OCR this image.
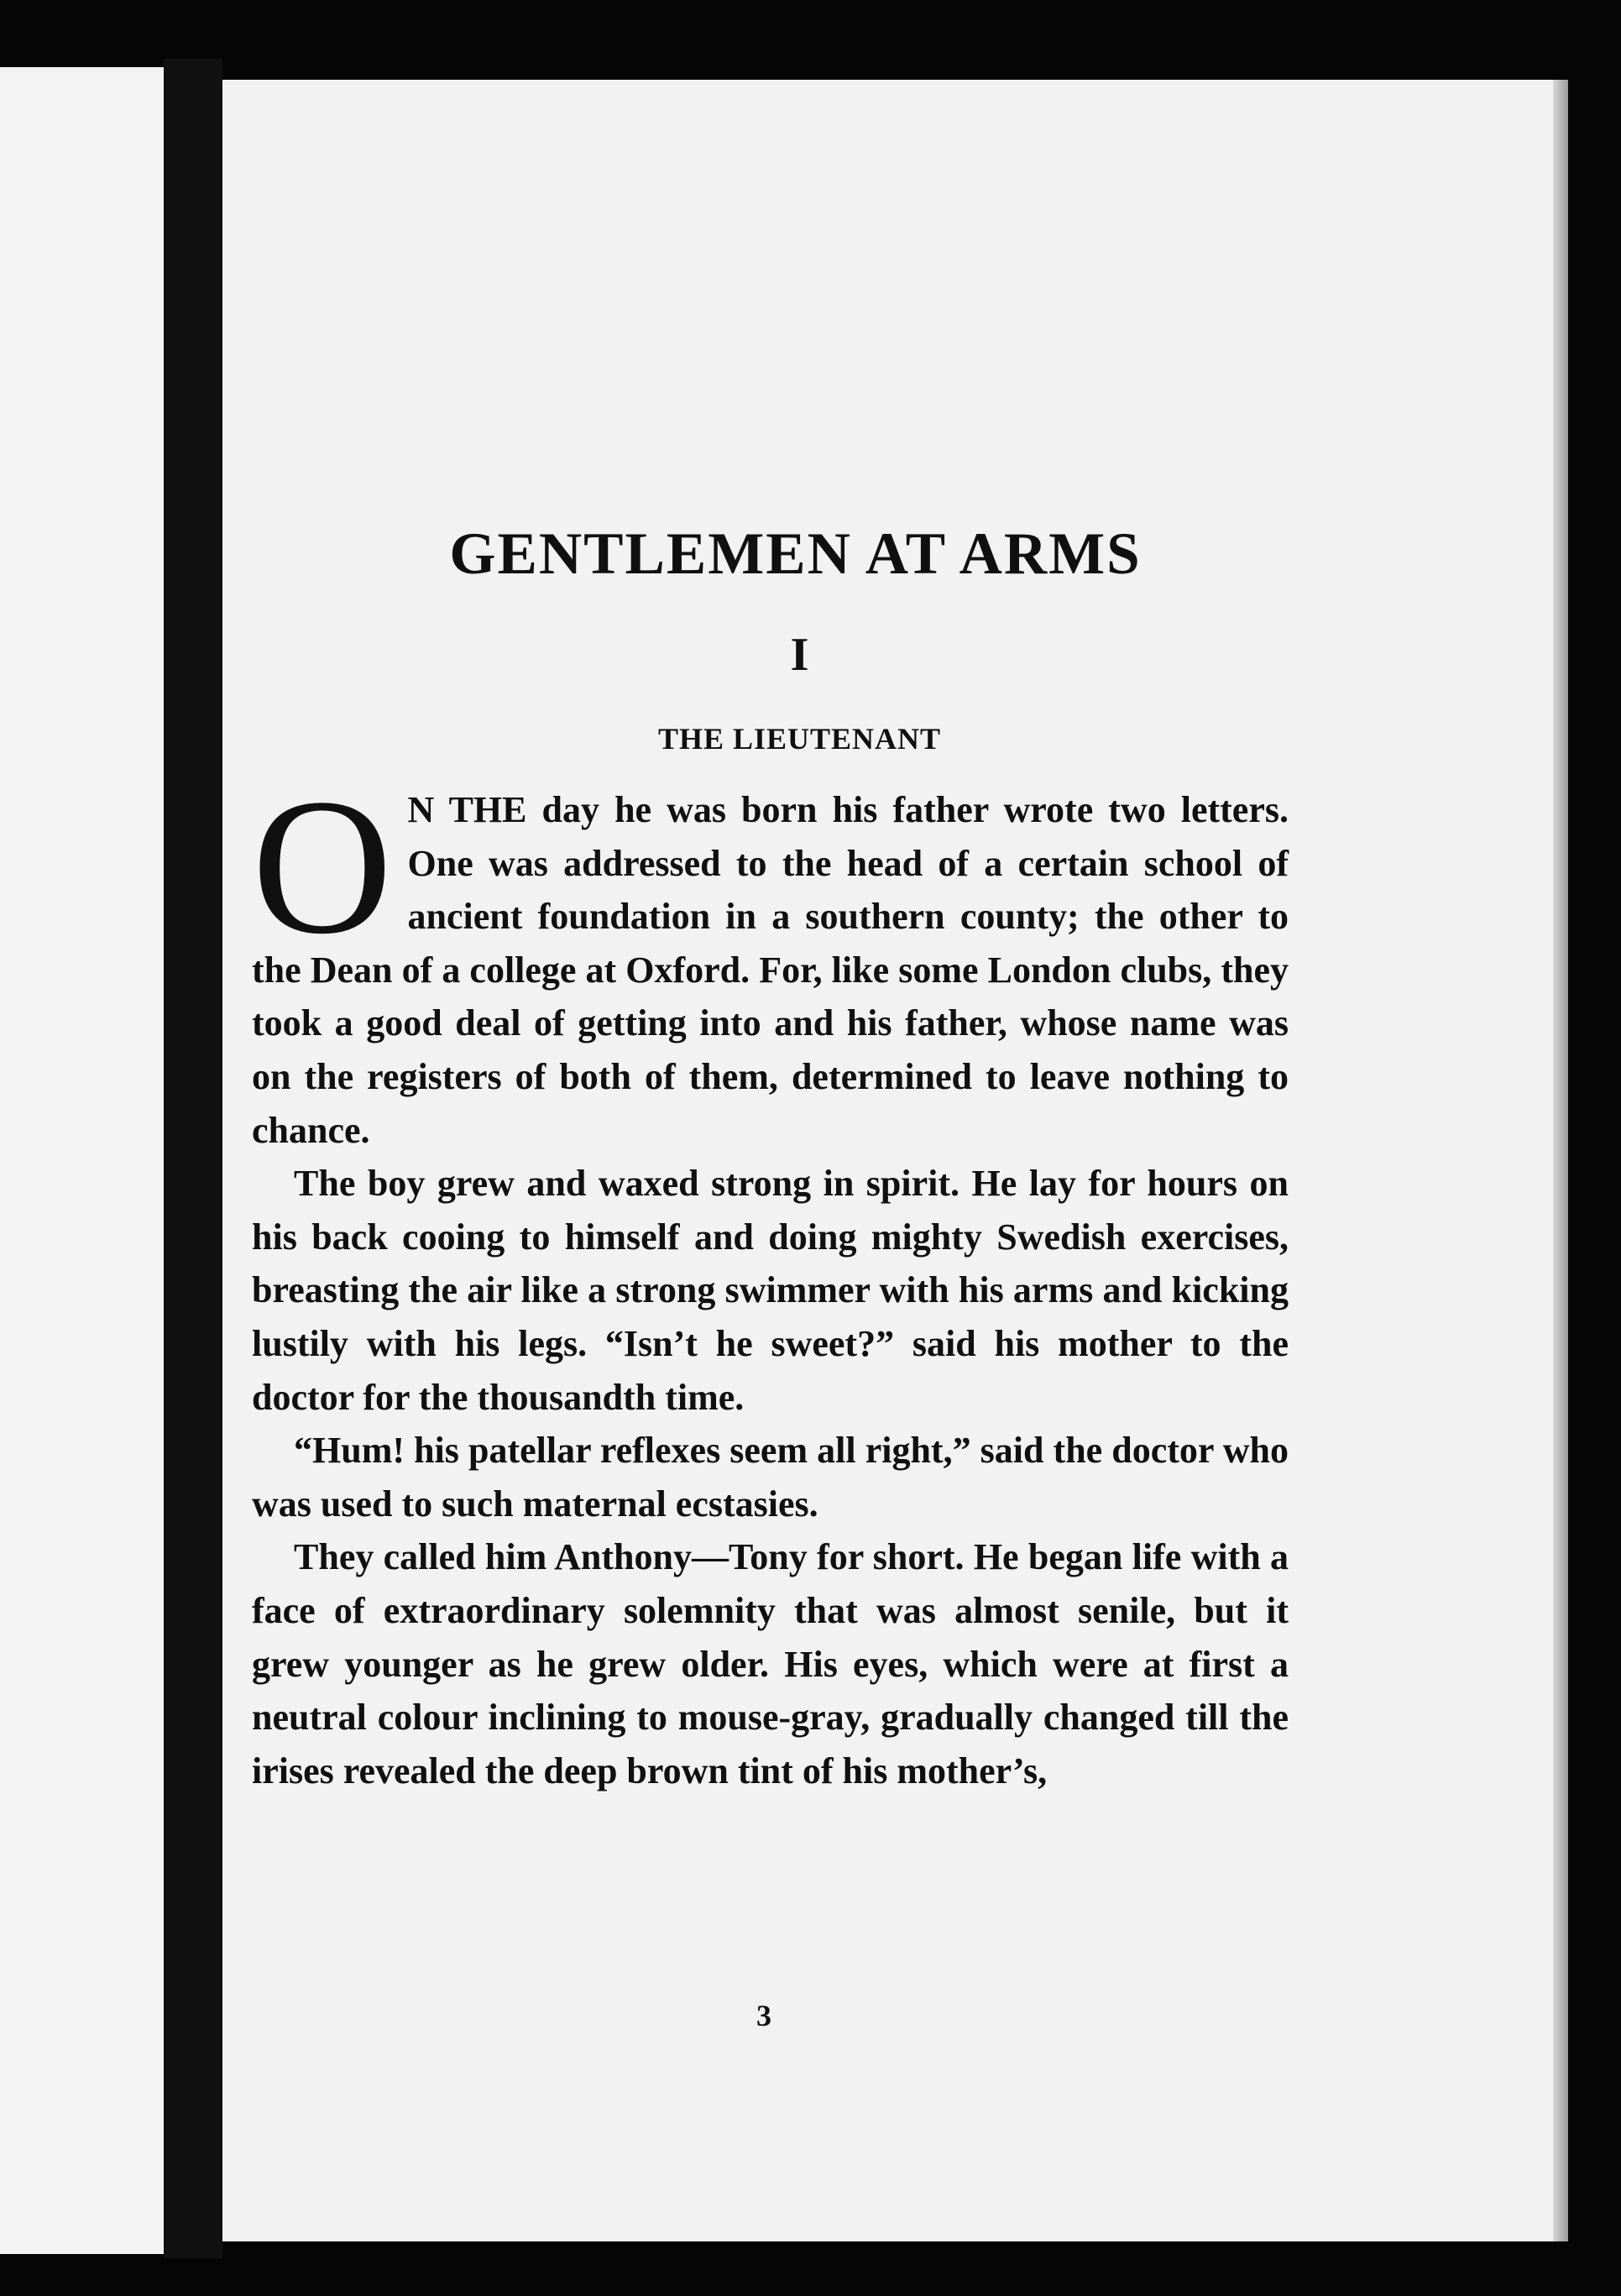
GENTLEMEN AT ARMS
I
THE LIEUTENANT

O N THE day he was born his father wrote two letters. One was addressed to the head of a certain school of ancient foundation in a southern county; the other to the Dean of a college at Oxford. For, like some London clubs, they took a good deal of getting into and his father, whose name was on the registers of both of them, determined to leave nothing to chance.

The boy grew and waxed strong in spirit. He lay for hours on his back cooing to himself and doing mighty Swedish exercises, breasting the air like a strong swimmer with his arms and kicking lustily with his legs. “Isn’t he sweet?” said his mother to the doctor for the thousandth time.

“Hum! his patellar reflexes seem all right,” said the doctor who was used to such maternal ecstasies.

They called him Anthony—Tony for short. He began life with a face of extraordinary solemnity that was almost senile, but it grew younger as he grew older. His eyes, which were at first a neutral colour inclining to mouse-gray, gradually changed till the irises revealed the deep brown tint of his mother’s,

3
